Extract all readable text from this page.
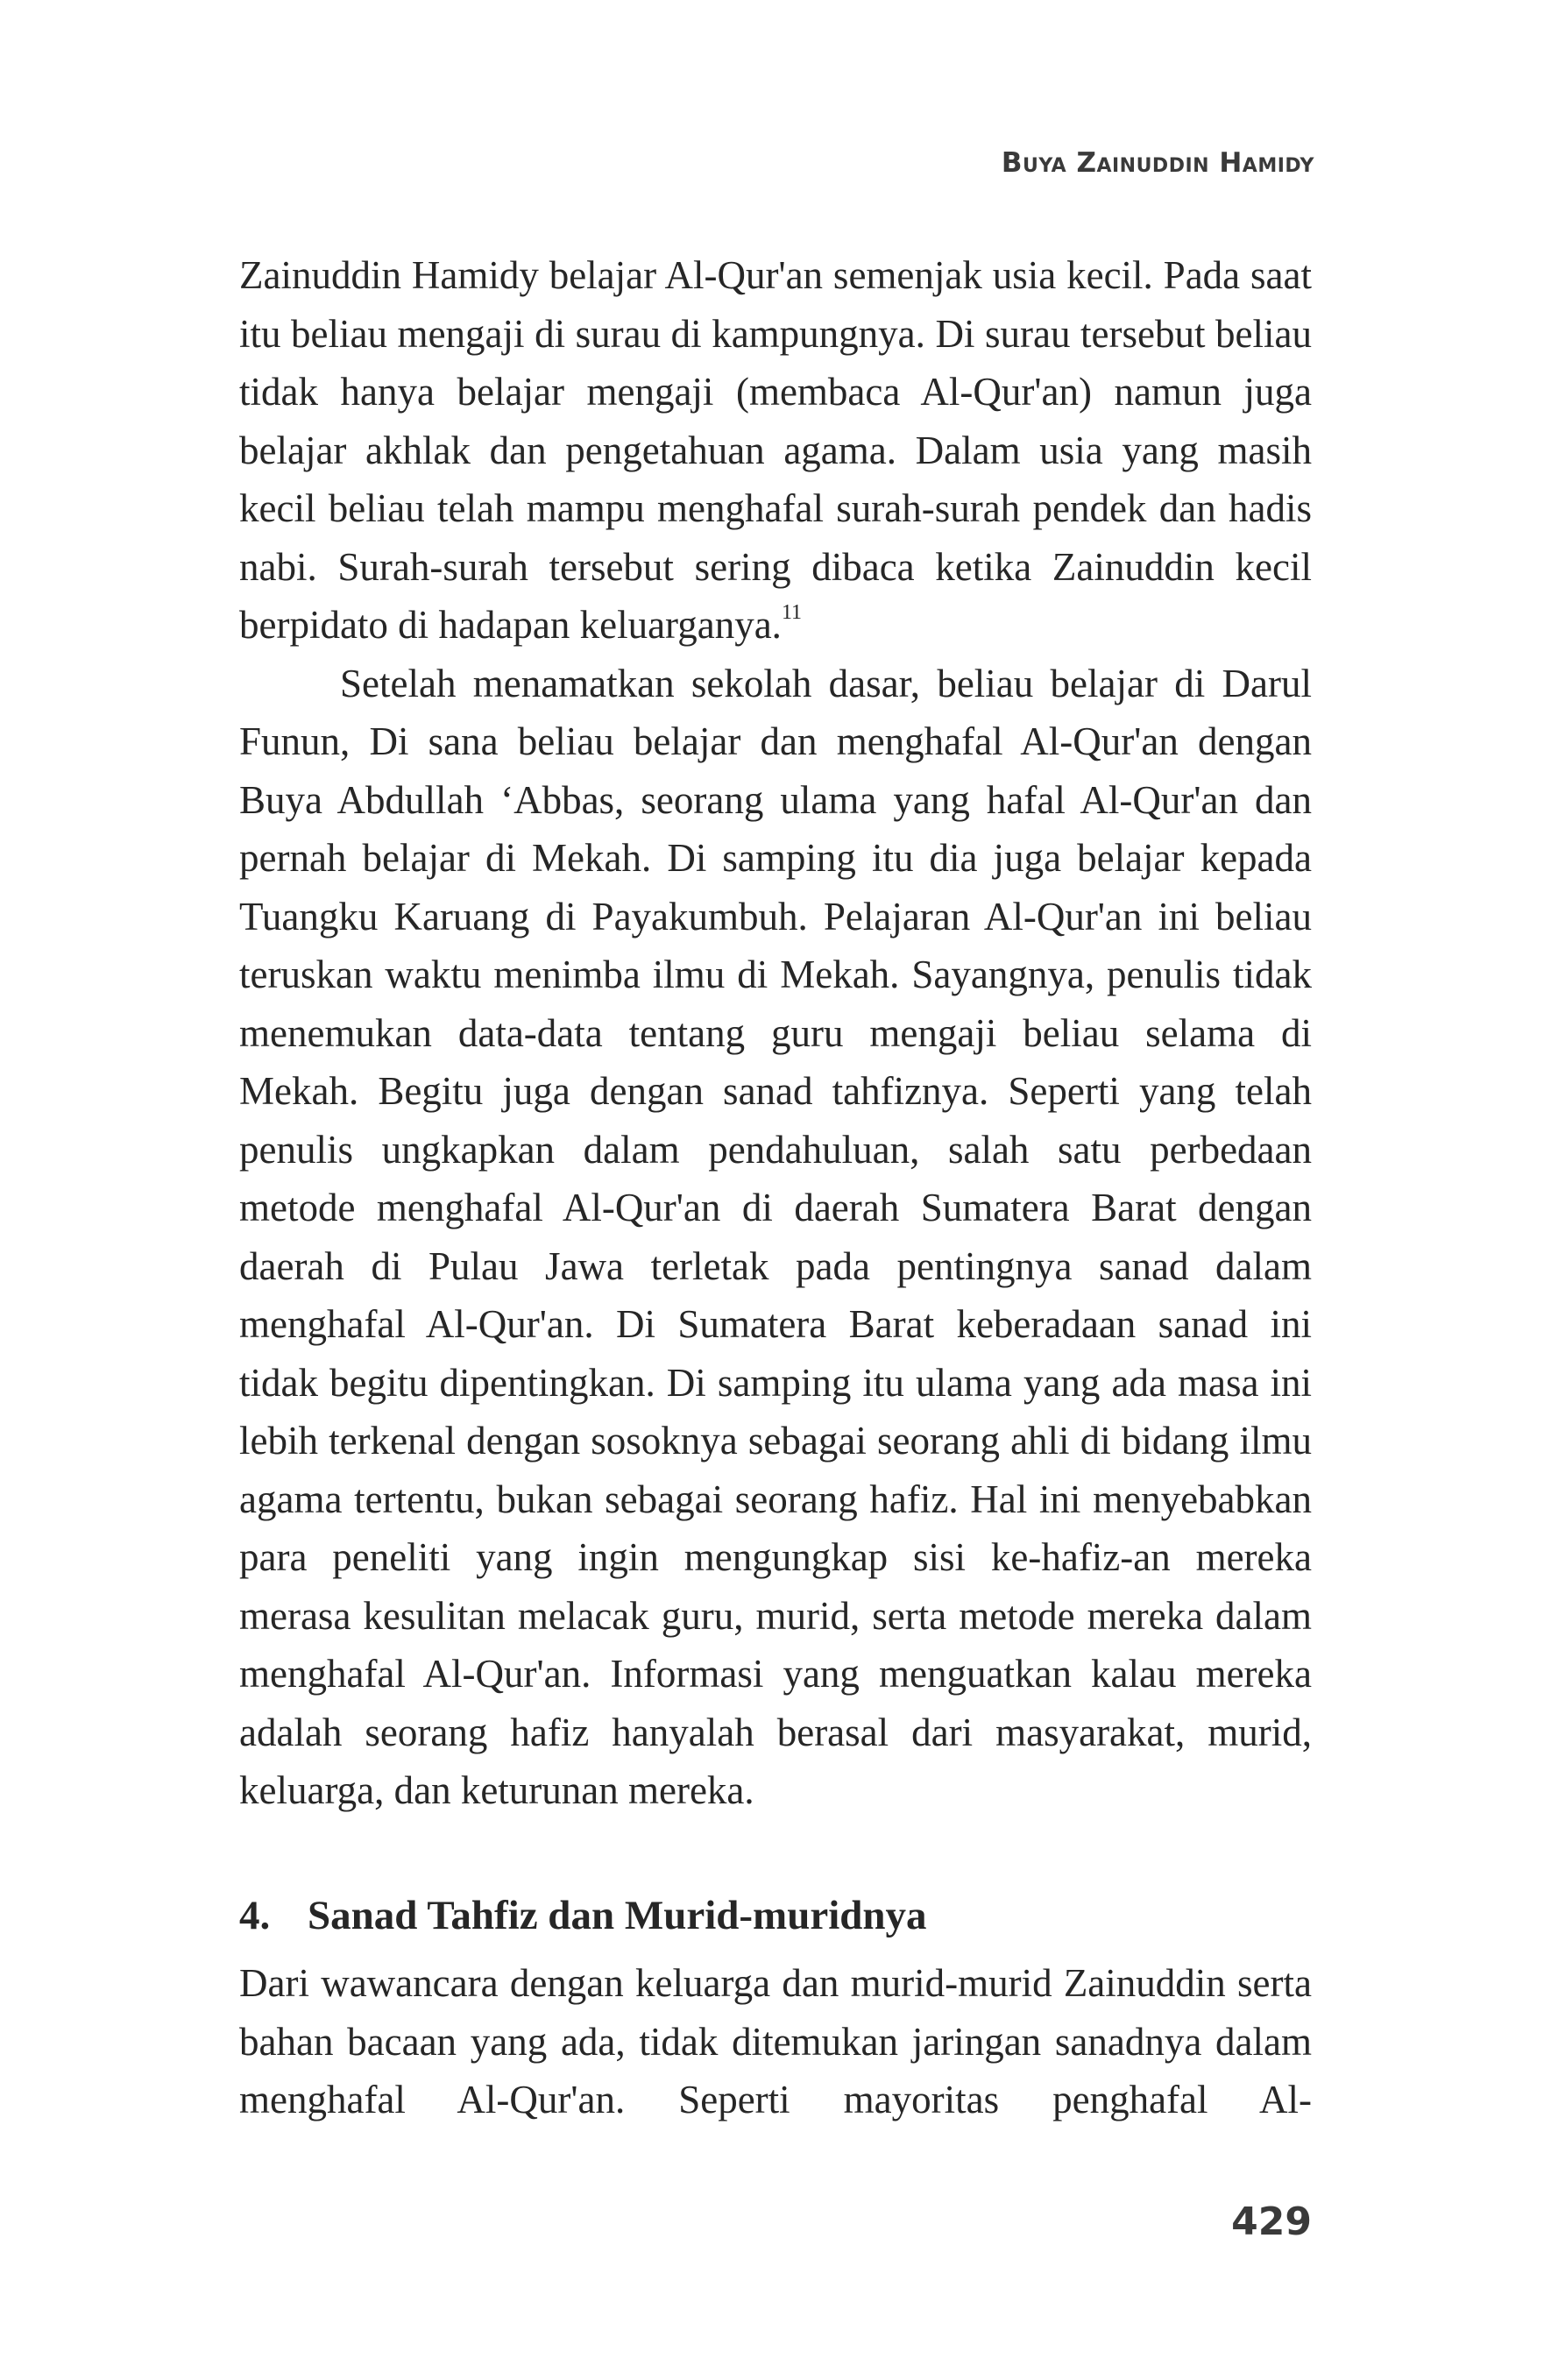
Buya Zainuddin Hamidy

Zainuddin Hamidy belajar Al-Qur'an semenjak usia kecil. Pada saat itu beliau mengaji di surau di kampungnya. Di surau tersebut beliau tidak hanya belajar mengaji (membaca Al-Qur'an) namun juga belajar akhlak dan pengetahuan agama. Dalam usia yang masih kecil beliau telah mampu menghafal surah-surah pendek dan hadis nabi. Surah-surah tersebut sering dibaca ketika Zainuddin kecil berpidato di hadapan keluarganya.$^{11}$

Setelah menamatkan sekolah dasar, beliau belajar di Darul Funun, Di sana beliau belajar dan menghafal Al-Qur'an dengan Buya Abdullah ‘Abbas, seorang ulama yang hafal Al-Qur'an dan pernah belajar di Mekah. Di samping itu dia juga belajar kepada Tuangku Karuang di Payakumbuh. Pelajaran Al-Qur'an ini beliau teruskan waktu menimba ilmu di Mekah. Sayangnya, penulis tidak menemukan data-data tentang guru mengaji beliau selama di Mekah. Begitu juga dengan sanad tahfiznya. Seperti yang telah penulis ungkapkan dalam pendahuluan, salah satu perbedaan metode menghafal Al-Qur'an di daerah Sumatera Barat dengan daerah di Pulau Jawa terletak pada pentingnya sanad dalam menghafal Al-Qur'an. Di Sumatera Barat keberadaan sanad ini tidak begitu dipentingkan. Di samping itu ulama yang ada masa ini lebih terkenal dengan sosoknya sebagai seorang ahli di bidang ilmu agama tertentu, bukan sebagai seorang hafiz. Hal ini menyebabkan para peneliti yang ingin mengungkap sisi ke-hafiz-an mereka merasa kesulitan melacak guru, murid, serta metode mereka dalam menghafal Al-Qur'an. Informasi yang menguatkan kalau mereka adalah seorang hafiz hanyalah berasal dari masyarakat, murid, keluarga, dan keturunan mereka.

4. Sanad Tahfiz dan Murid-muridnya

Dari wawancara dengan keluarga dan murid-murid Zainuddin serta bahan bacaan yang ada, tidak ditemukan jaringan sanadnya dalam menghafal Al-Qur'an. Seperti mayoritas penghafal Al-

429
